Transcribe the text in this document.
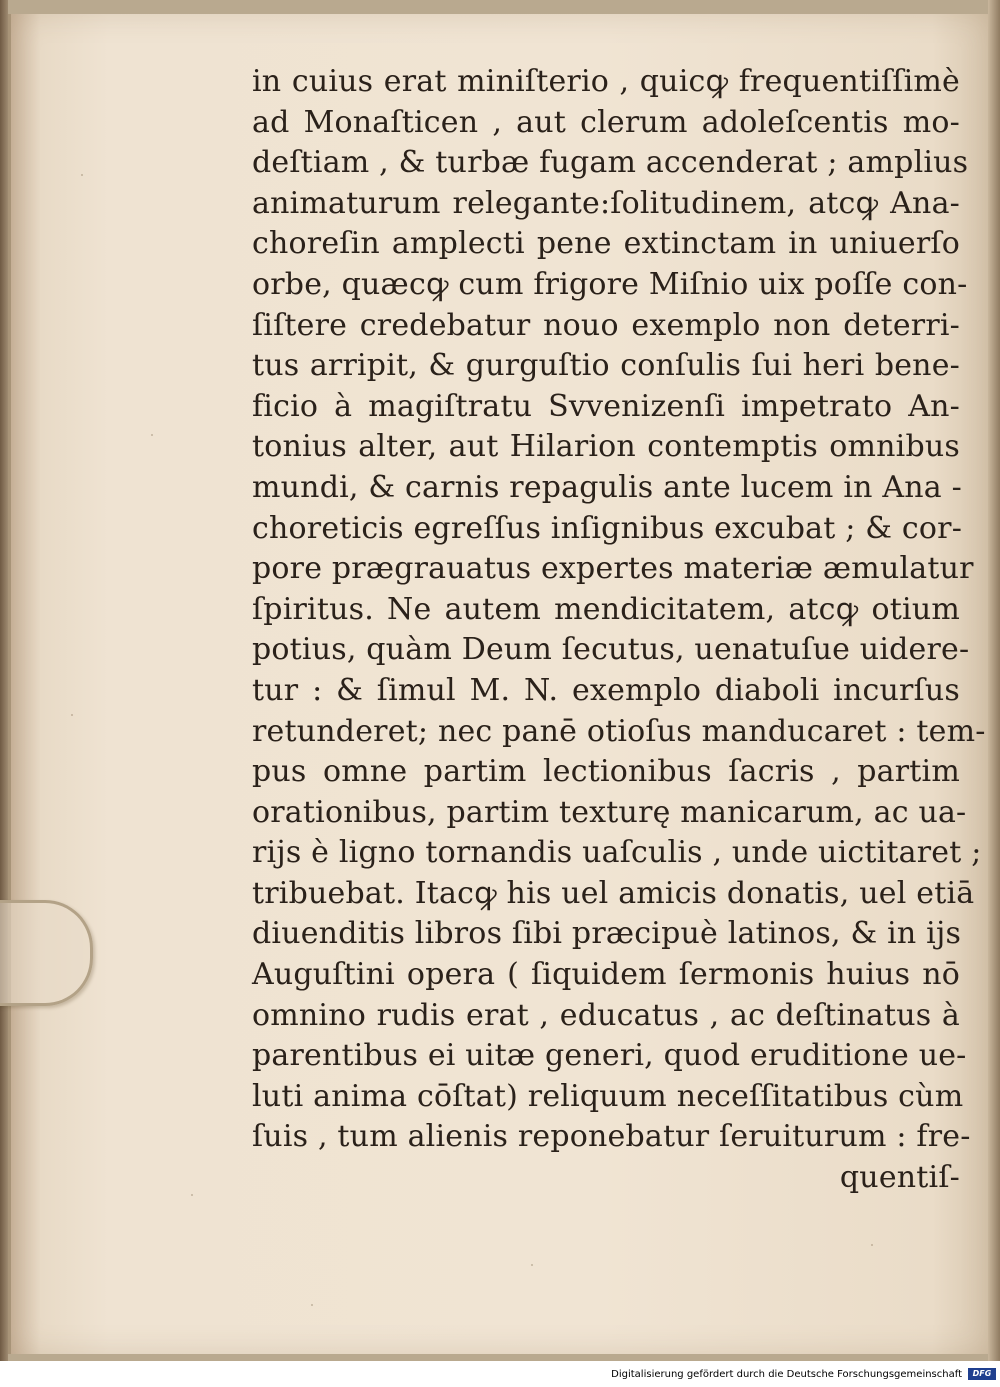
in cuius erat miniſterio , quicꝙ frequentiſſimè
ad Monaſticen , aut clerum adoleſcentis mo-
deſtiam , & turbæ fugam accenderat ; amplius
animaturum relegante:ſolitudinem, atcꝙ Ana-
choreſin amplecti pene extinctam in uniuerſo
orbe, quæcꝙ cum frigore Miſnio uix poſſe con-
ſiſtere credebatur nouo exemplo non deterri-
tus arripit, & gurguſtio conſulis ſui heri bene-
ficio à magiſtratu Svvenizenſi impetrato An-
tonius alter, aut Hilarion contemptis omnibus
mundi, & carnis repagulis ante lucem in Ana -
choreticis egreſſus inſignibus excubat ; & cor-
pore prægrauatus expertes materiæ æmulatur
ſpiritus. Ne autem mendicitatem, atcꝙ otium
potius, quàm Deum ſecutus, uenatuſue uidere-
tur : & ſimul M. N. exemplo diaboli incurſus
retunderet; nec panē otioſus manducaret : tem-
pus omne partim lectionibus ſacris , partim
orationibus, partim texturę manicarum, ac ua-
rijs è ligno tornandis uaſculis , unde uictitaret ;
tribuebat. Itacꝙ his uel amicis donatis, uel etiā
diuenditis libros ſibi præcipuè latinos, & in ijs
Auguſtini opera ( ſiquidem ſermonis huius nō
omnino rudis erat , educatus , ac deſtinatus à
parentibus ei uitæ generi, quod eruditione ue-
luti anima cōſtat) reliquum neceſſitatibus cùm
ſuis , tum alienis reponebatur ſeruiturum : fre-
quentiſ-
Digitalisierung gefördert durch die Deutsche Forschungsgemeinschaft	DFG
